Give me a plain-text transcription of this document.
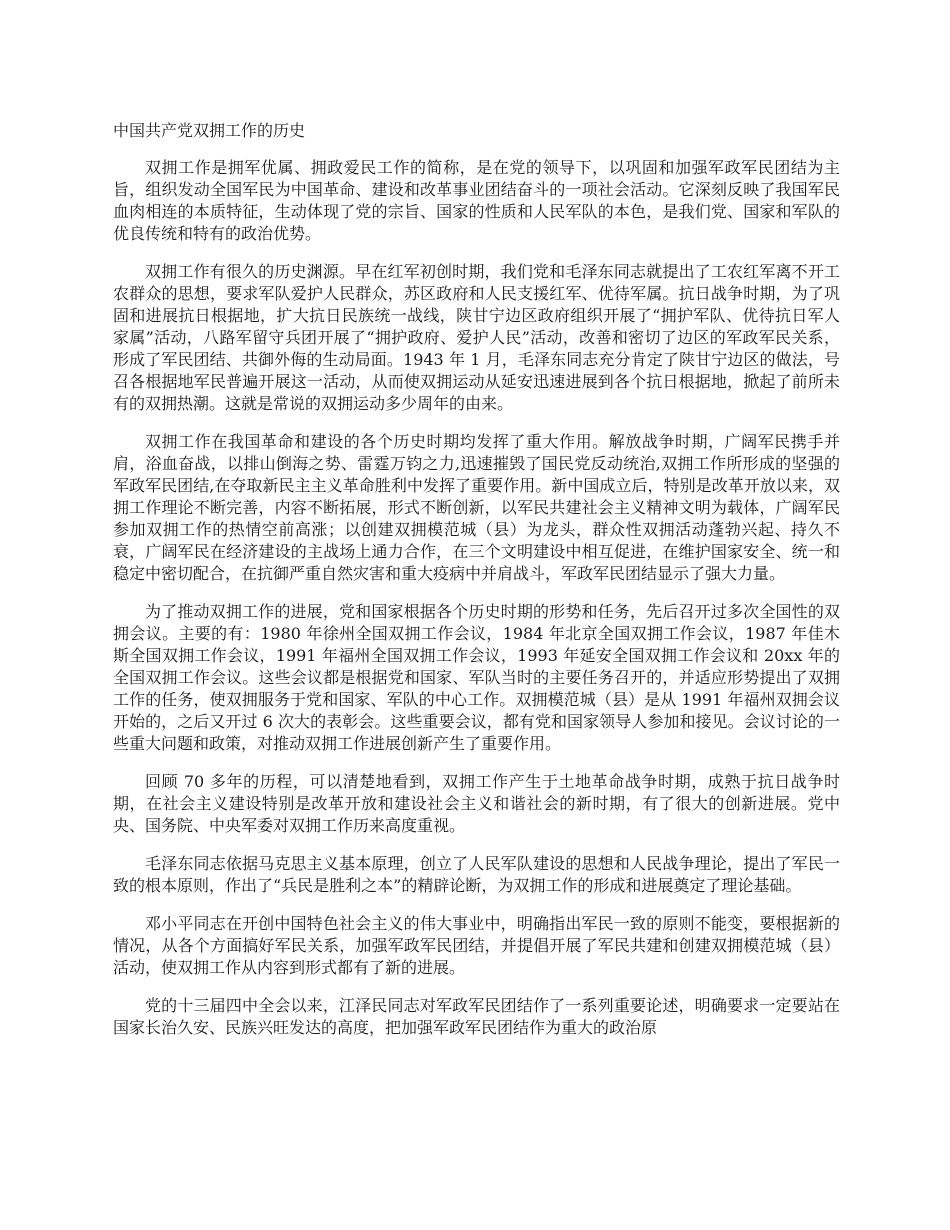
中国共产党双拥工作的历史

双拥工作是拥军优属、拥政爱民工作的简称，是在党的领导下，以巩固和加强军政军民团结为主旨，组织发动全国军民为中国革命、建设和改革事业团结奋斗的一项社会活动。它深刻反映了我国军民血肉相连的本质特征，生动体现了党的宗旨、国家的性质和人民军队的本色，是我们党、国家和军队的优良传统和特有的政治优势。

双拥工作有很久的历史渊源。早在红军初创时期，我们党和毛泽东同志就提出了工农红军离不开工农群众的思想，要求军队爱护人民群众，苏区政府和人民支援红军、优待军属。抗日战争时期，为了巩固和进展抗日根据地，扩大抗日民族统一战线，陕甘宁边区政府组织开展了“拥护军队、优待抗日军人家属”活动，八路军留守兵团开展了“拥护政府、爱护人民”活动，改善和密切了边区的军政军民关系，形成了军民团结、共御外侮的生动局面。1943 年 1 月，毛泽东同志充分肯定了陕甘宁边区的做法，号召各根据地军民普遍开展这一活动，从而使双拥运动从延安迅速进展到各个抗日根据地，掀起了前所未有的双拥热潮。这就是常说的双拥运动多少周年的由来。

双拥工作在我国革命和建设的各个历史时期均发挥了重大作用。解放战争时期，广阔军民携手并肩，浴血奋战，以排山倒海之势、雷霆万钧之力,迅速摧毁了国民党反动统治,双拥工作所形成的坚强的军政军民团结,在夺取新民主主义革命胜利中发挥了重要作用。新中国成立后，特别是改革开放以来，双拥工作理论不断完善，内容不断拓展，形式不断创新，以军民共建社会主义精神文明为载体，广阔军民参加双拥工作的热情空前高涨；以创建双拥模范城（县）为龙头，群众性双拥活动蓬勃兴起、持久不衰，广阔军民在经济建设的主战场上通力合作，在三个文明建设中相互促进，在维护国家安全、统一和稳定中密切配合，在抗御严重自然灾害和重大疫病中并肩战斗，军政军民团结显示了强大力量。

为了推动双拥工作的进展，党和国家根据各个历史时期的形势和任务，先后召开过多次全国性的双拥会议。主要的有：1980 年徐州全国双拥工作会议，1984 年北京全国双拥工作会议，1987 年佳木斯全国双拥工作会议，1991 年福州全国双拥工作会议，1993 年延安全国双拥工作会议和 20xx 年的全国双拥工作会议。这些会议都是根据党和国家、军队当时的主要任务召开的，并适应形势提出了双拥工作的任务，使双拥服务于党和国家、军队的中心工作。双拥模范城（县）是从 1991 年福州双拥会议开始的，之后又开过 6 次大的表彰会。这些重要会议，都有党和国家领导人参加和接见。会议讨论的一些重大问题和政策，对推动双拥工作进展创新产生了重要作用。

回顾 70 多年的历程，可以清楚地看到，双拥工作产生于土地革命战争时期，成熟于抗日战争时期，在社会主义建设特别是改革开放和建设社会主义和谐社会的新时期，有了很大的创新进展。党中央、国务院、中央军委对双拥工作历来高度重视。

毛泽东同志依据马克思主义基本原理，创立了人民军队建设的思想和人民战争理论，提出了军民一致的根本原则，作出了“兵民是胜利之本”的精辟论断，为双拥工作的形成和进展奠定了理论基础。

邓小平同志在开创中国特色社会主义的伟大事业中，明确指出军民一致的原则不能变，要根据新的情况，从各个方面搞好军民关系，加强军政军民团结，并提倡开展了军民共建和创建双拥模范城（县）活动，使双拥工作从内容到形式都有了新的进展。

党的十三届四中全会以来，江泽民同志对军政军民团结作了一系列重要论述，明确要求一定要站在国家长治久安、民族兴旺发达的高度，把加强军政军民团结作为重大的政治原
